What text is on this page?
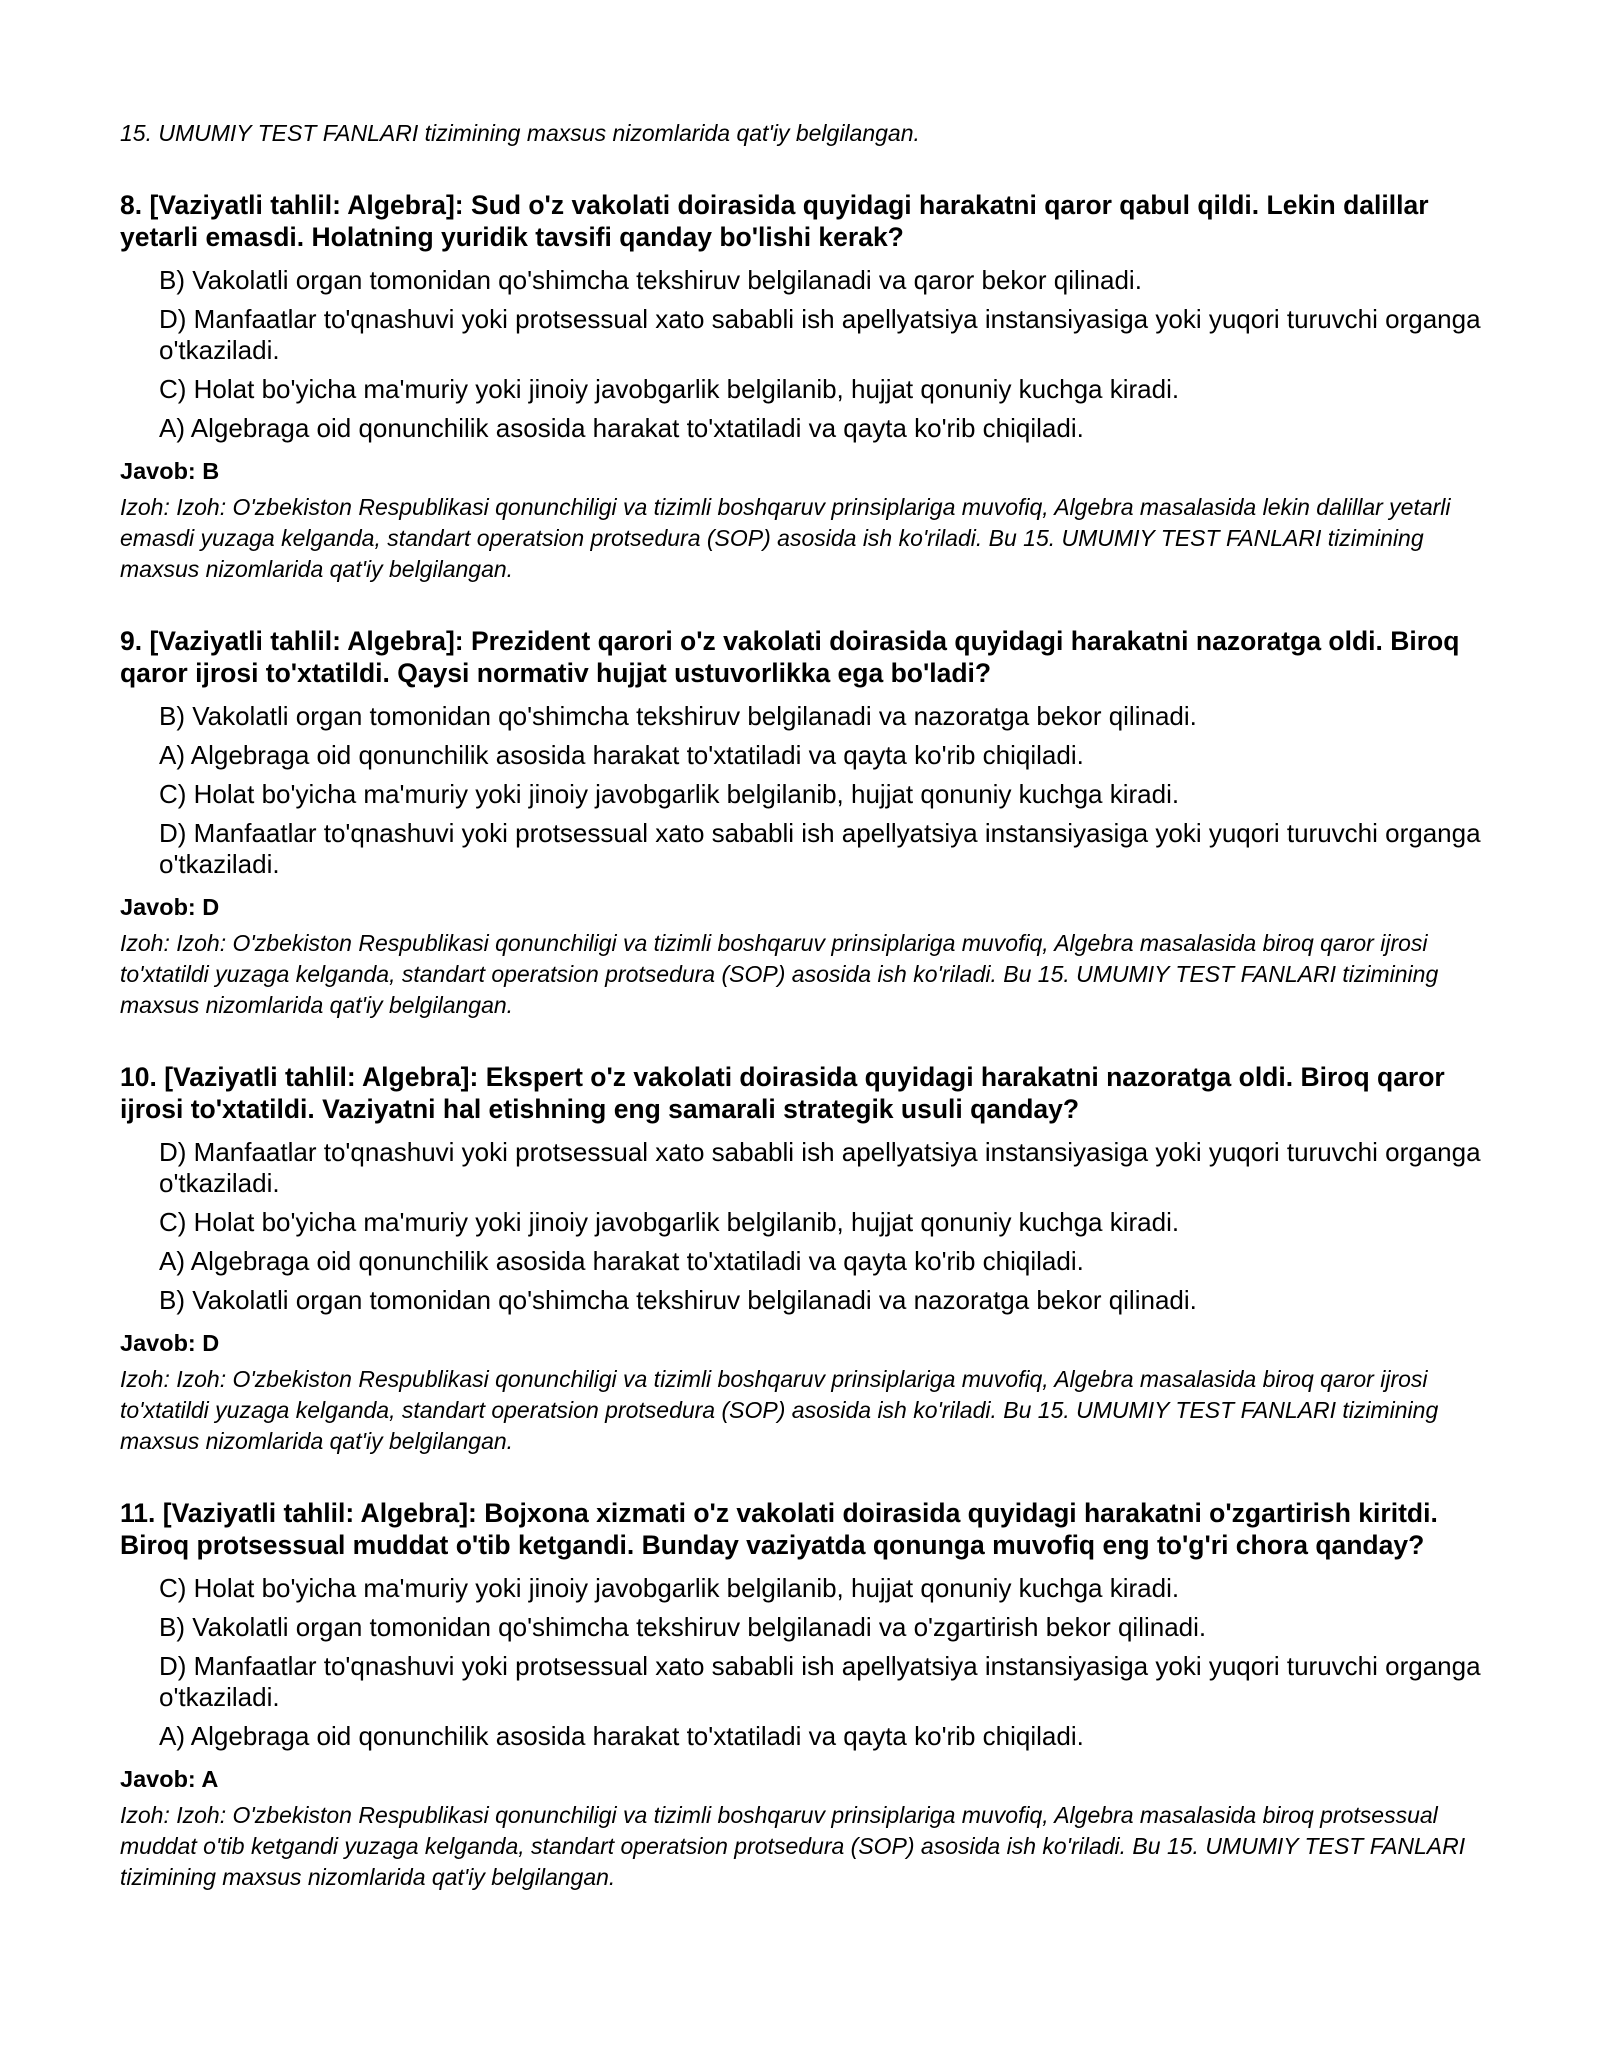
15. UMUMIY TEST FANLARI tizimining maxsus nizomlarida qat'iy belgilangan.

8. [Vaziyatli tahlil: Algebra]: Sud o'z vakolati doirasida quyidagi harakatni qaror qabul qildi. Lekin dalillar yetarli emasdi. Holatning yuridik tavsifi qanday bo'lishi kerak?

B) Vakolatli organ tomonidan qo'shimcha tekshiruv belgilanadi va qaror bekor qilinadi.

D) Manfaatlar to'qnashuvi yoki protsessual xato sababli ish apellyatsiya instansiyasiga yoki yuqori turuvchi organga o'tkaziladi.

C) Holat bo'yicha ma'muriy yoki jinoiy javobgarlik belgilanib, hujjat qonuniy kuchga kiradi.

A) Algebraga oid qonunchilik asosida harakat to'xtatiladi va qayta ko'rib chiqiladi.

Javob: B

Izoh: Izoh: O'zbekiston Respublikasi qonunchiligi va tizimli boshqaruv prinsiplariga muvofiq, Algebra masalasida lekin dalillar yetarli emasdi yuzaga kelganda, standart operatsion protsedura (SOP) asosida ish ko'riladi. Bu 15. UMUMIY TEST FANLARI tizimining maxsus nizomlarida qat'iy belgilangan.

9. [Vaziyatli tahlil: Algebra]: Prezident qarori o'z vakolati doirasida quyidagi harakatni nazoratga oldi. Biroq qaror ijrosi to'xtatildi. Qaysi normativ hujjat ustuvorlikka ega bo'ladi?

B) Vakolatli organ tomonidan qo'shimcha tekshiruv belgilanadi va nazoratga bekor qilinadi.

A) Algebraga oid qonunchilik asosida harakat to'xtatiladi va qayta ko'rib chiqiladi.

C) Holat bo'yicha ma'muriy yoki jinoiy javobgarlik belgilanib, hujjat qonuniy kuchga kiradi.

D) Manfaatlar to'qnashuvi yoki protsessual xato sababli ish apellyatsiya instansiyasiga yoki yuqori turuvchi organga o'tkaziladi.

Javob: D

Izoh: Izoh: O'zbekiston Respublikasi qonunchiligi va tizimli boshqaruv prinsiplariga muvofiq, Algebra masalasida biroq qaror ijrosi to'xtatildi yuzaga kelganda, standart operatsion protsedura (SOP) asosida ish ko'riladi. Bu 15. UMUMIY TEST FANLARI tizimining maxsus nizomlarida qat'iy belgilangan.

10. [Vaziyatli tahlil: Algebra]: Ekspert o'z vakolati doirasida quyidagi harakatni nazoratga oldi. Biroq qaror ijrosi to'xtatildi. Vaziyatni hal etishning eng samarali strategik usuli qanday?

D) Manfaatlar to'qnashuvi yoki protsessual xato sababli ish apellyatsiya instansiyasiga yoki yuqori turuvchi organga o'tkaziladi.

C) Holat bo'yicha ma'muriy yoki jinoiy javobgarlik belgilanib, hujjat qonuniy kuchga kiradi.

A) Algebraga oid qonunchilik asosida harakat to'xtatiladi va qayta ko'rib chiqiladi.

B) Vakolatli organ tomonidan qo'shimcha tekshiruv belgilanadi va nazoratga bekor qilinadi.

Javob: D

Izoh: Izoh: O'zbekiston Respublikasi qonunchiligi va tizimli boshqaruv prinsiplariga muvofiq, Algebra masalasida biroq qaror ijrosi to'xtatildi yuzaga kelganda, standart operatsion protsedura (SOP) asosida ish ko'riladi. Bu 15. UMUMIY TEST FANLARI tizimining maxsus nizomlarida qat'iy belgilangan.

11. [Vaziyatli tahlil: Algebra]: Bojxona xizmati o'z vakolati doirasida quyidagi harakatni o'zgartirish kiritdi. Biroq protsessual muddat o'tib ketgandi. Bunday vaziyatda qonunga muvofiq eng to'g'ri chora qanday?

C) Holat bo'yicha ma'muriy yoki jinoiy javobgarlik belgilanib, hujjat qonuniy kuchga kiradi.

B) Vakolatli organ tomonidan qo'shimcha tekshiruv belgilanadi va o'zgartirish bekor qilinadi.

D) Manfaatlar to'qnashuvi yoki protsessual xato sababli ish apellyatsiya instansiyasiga yoki yuqori turuvchi organga o'tkaziladi.

A) Algebraga oid qonunchilik asosida harakat to'xtatiladi va qayta ko'rib chiqiladi.

Javob: A

Izoh: Izoh: O'zbekiston Respublikasi qonunchiligi va tizimli boshqaruv prinsiplariga muvofiq, Algebra masalasida biroq protsessual muddat o'tib ketgandi yuzaga kelganda, standart operatsion protsedura (SOP) asosida ish ko'riladi. Bu 15. UMUMIY TEST FANLARI tizimining maxsus nizomlarida qat'iy belgilangan.
